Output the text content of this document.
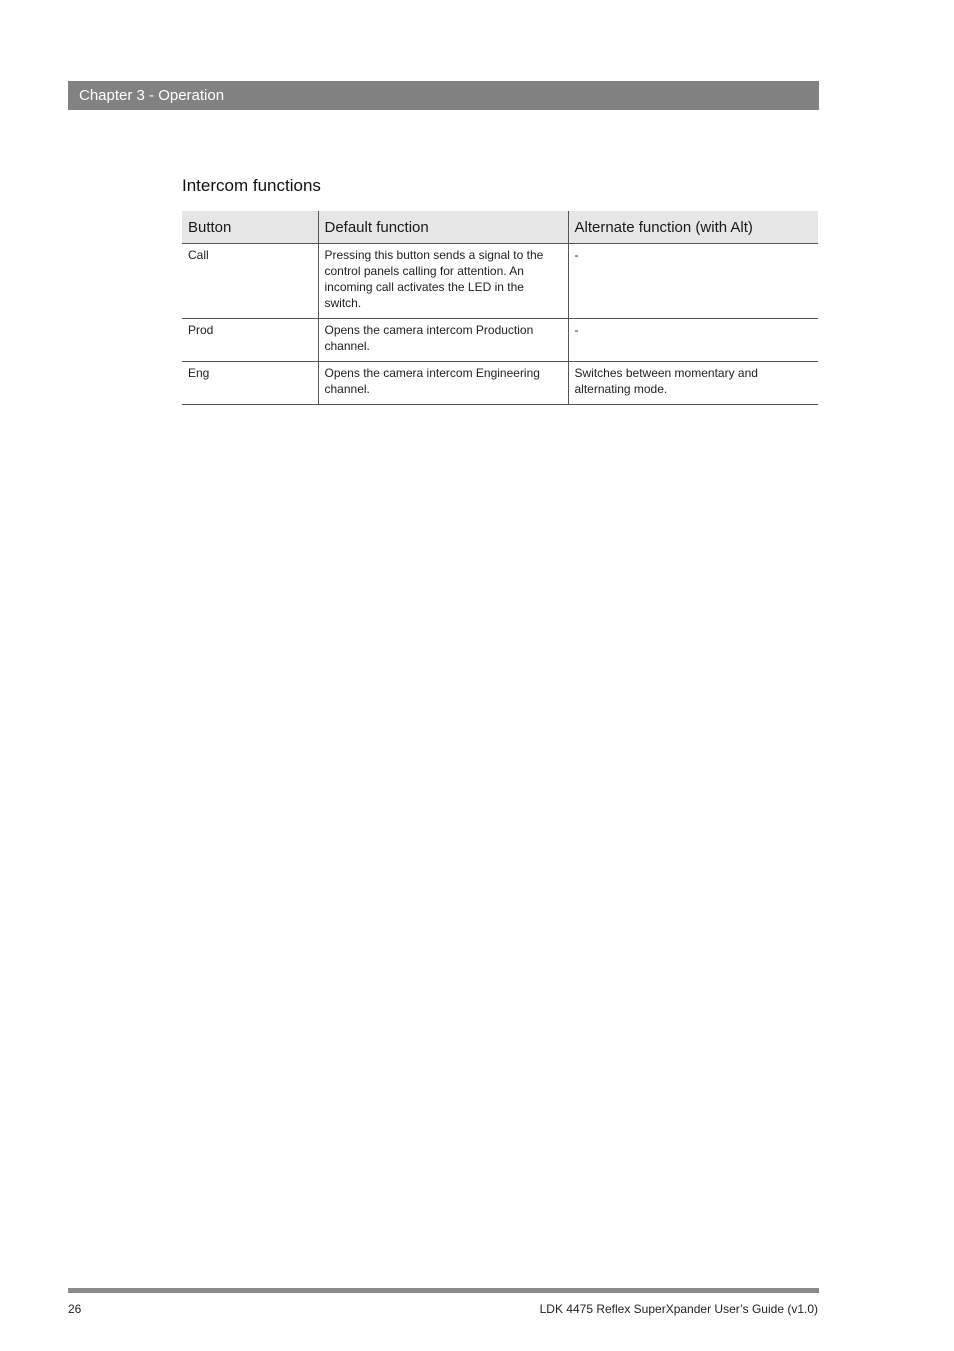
Chapter 3 - Operation
Intercom functions
Button	Default function	Alternate function (with Alt)
Call	Pressing this button sends a signal to the control panels calling for attention. An incoming call activates the LED in the switch.	-
Prod	Opens the camera intercom Production channel.	-
Eng	Opens the camera intercom Engineering channel.	Switches between momentary and alternating mode.
26	LDK 4475 Reflex SuperXpander User’s Guide (v1.0)
